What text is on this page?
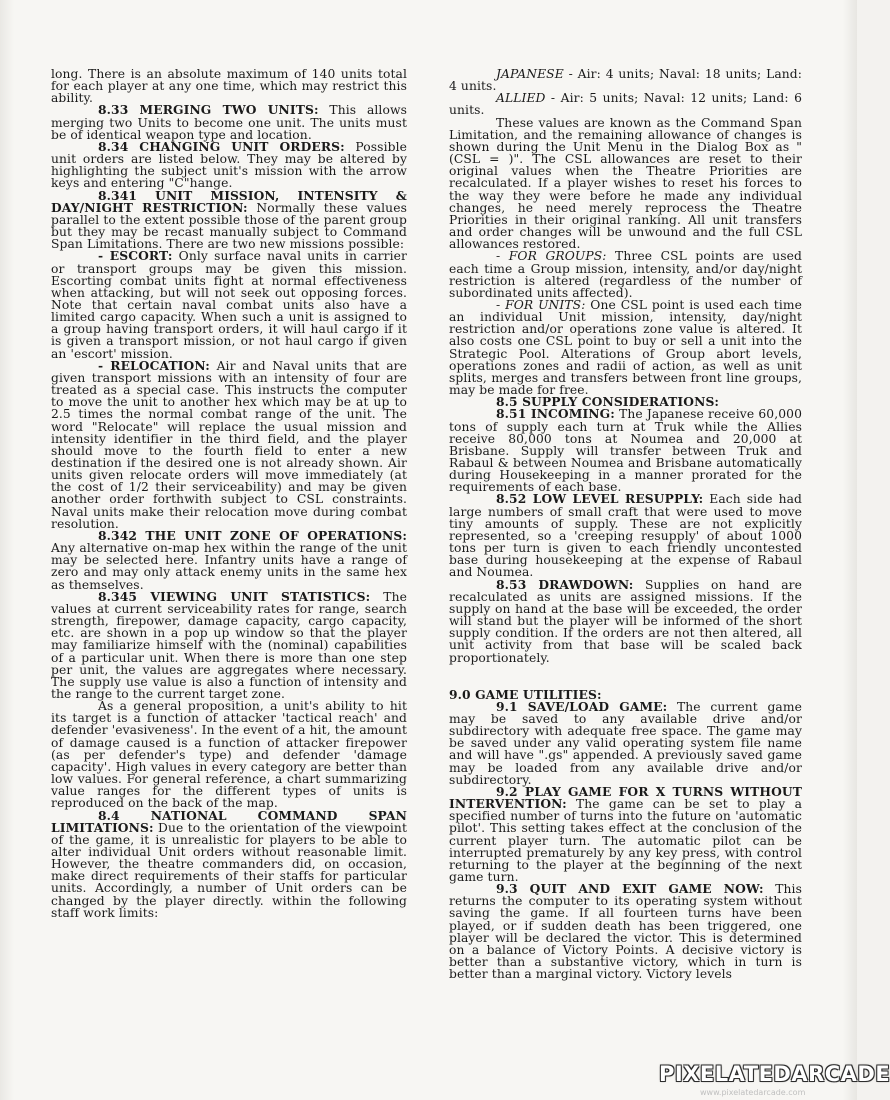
long. There is an absolute maximum of 140 units total for each player at any one time, which may restrict this ability.

8.33 MERGING TWO UNITS: This allows merging two Units to become one unit. The units must be of identical weapon type and location.

8.34 CHANGING UNIT ORDERS: Possible unit orders are listed below. They may be altered by highlighting the subject unit's mission with the arrow keys and entering "C"hange.

8.341 UNIT MISSION, INTENSITY & DAY/NIGHT RESTRICTION: Normally these values parallel to the extent possible those of the parent group but they may be recast manually subject to Command Span Limitations. There are two new missions possible:

- ESCORT: Only surface naval units in carrier or transport groups may be given this mission. Escorting combat units fight at normal effectiveness when attacking, but will not seek out opposing forces. Note that certain naval combat units also have a limited cargo capacity. When such a unit is assigned to a group having transport orders, it will haul cargo if it is given a transport mission, or not haul cargo if given an 'escort' mission.

- RELOCATION: Air and Naval units that are given transport missions with an intensity of four are treated as a special case. This instructs the computer to move the unit to another hex which may be at up to 2.5 times the normal combat range of the unit. The word "Relocate" will replace the usual mission and intensity identifier in the third field, and the player should move to the fourth field to enter a new destination if the desired one is not already shown. Air units given relocate orders will move immediately (at the cost of 1/2 their serviceability) and may be given another order forthwith subject to CSL constraints. Naval units make their relocation move during combat resolution.

8.342 THE UNIT ZONE OF OPERATIONS: Any alternative on-map hex within the range of the unit may be selected here. Infantry units have a range of zero and may only attack enemy units in the same hex as themselves.

8.345 VIEWING UNIT STATISTICS: The values at current serviceability rates for range, search strength, firepower, damage capacity, cargo capacity, etc. are shown in a pop up window so that the player may familiarize himself with the (nominal) capabilities of a particular unit. When there is more than one step per unit, the values are aggregates where necessary. The supply use value is also a function of intensity and the range to the current target zone.

As a general proposition, a unit's ability to hit its target is a function of attacker 'tactical reach' and defender 'evasiveness'. In the event of a hit, the amount of damage caused is a function of attacker firepower (as per defender's type) and defender 'damage capacity'. High values in every category are better than low values. For general reference, a chart summarizing value ranges for the different types of units is reproduced on the back of the map.

8.4 NATIONAL COMMAND SPAN LIMITATIONS: Due to the orientation of the viewpoint of the game, it is unrealistic for players to be able to alter individual Unit orders without reasonable limit. However, the theatre commanders did, on occasion, make direct requirements of their staffs for particular units. Accordingly, a number of Unit orders can be changed by the player directly. within the following staff work limits:

JAPANESE - Air: 4 units; Naval: 18 units; Land: 4 units.

ALLIED - Air: 5 units; Naval: 12 units; Land: 6 units.

These values are known as the Command Span Limitation, and the remaining allowance of changes is shown during the Unit Menu in the Dialog Box as "(CSL = )". The CSL allowances are reset to their original values when the Theatre Priorities are recalculated. If a player wishes to reset his forces to the way they were before he made any individual changes, he need merely reprocess the Theatre Priorities in their original ranking. All unit transfers and order changes will be unwound and the full CSL allowances restored.

- FOR GROUPS: Three CSL points are used each time a Group mission, intensity, and/or day/night restriction is altered (regardless of the number of subordinated units affected).

- FOR UNITS: One CSL point is used each time an individual Unit mission, intensity, day/night restriction and/or operations zone value is altered. It also costs one CSL point to buy or sell a unit into the Strategic Pool. Alterations of Group abort levels, operations zones and radii of action, as well as unit splits, merges and transfers between front line groups, may be made for free.

8.5 SUPPLY CONSIDERATIONS:

8.51 INCOMING: The Japanese receive 60,000 tons of supply each turn at Truk while the Allies receive 80,000 tons at Noumea and 20,000 at Brisbane. Supply will transfer between Truk and Rabaul & between Noumea and Brisbane automatically during Housekeeping in a manner prorated for the requirements of each base.

8.52 LOW LEVEL RESUPPLY: Each side had large numbers of small craft that were used to move tiny amounts of supply. These are not explicitly represented, so a 'creeping resupply' of about 1000 tons per turn is given to each friendly uncontested base during housekeeping at the expense of Rabaul and Noumea.

8.53 DRAWDOWN: Supplies on hand are recalculated as units are assigned missions. If the supply on hand at the base will be exceeded, the order will stand but the player will be informed of the short supply condition. If the orders are not then altered, all unit activity from that base will be scaled back proportionately.

9.0 GAME UTILITIES:

9.1 SAVE/LOAD GAME: The current game may be saved to any available drive and/or subdirectory with adequate free space. The game may be saved under any valid operating system file name and will have ".gs" appended. A previously saved game may be loaded from any available drive and/or subdirectory.

9.2 PLAY GAME FOR X TURNS WITHOUT INTERVENTION: The game can be set to play a specified number of turns into the future on 'automatic pilot'. This setting takes effect at the conclusion of the current player turn. The automatic pilot can be interrupted prematurely by any key press, with control returning to the player at the beginning of the next game turn.

9.3 QUIT AND EXIT GAME NOW: This returns the computer to its operating system without saving the game. If all fourteen turns have been played, or if sudden death has been triggered, one player will be declared the victor. This is determined on a balance of Victory Points. A decisive victory is better than a substantive victory, which in turn is better than a marginal victory. Victory levels

PIXELATEDARCADE
www.pixelatedarcade.com
